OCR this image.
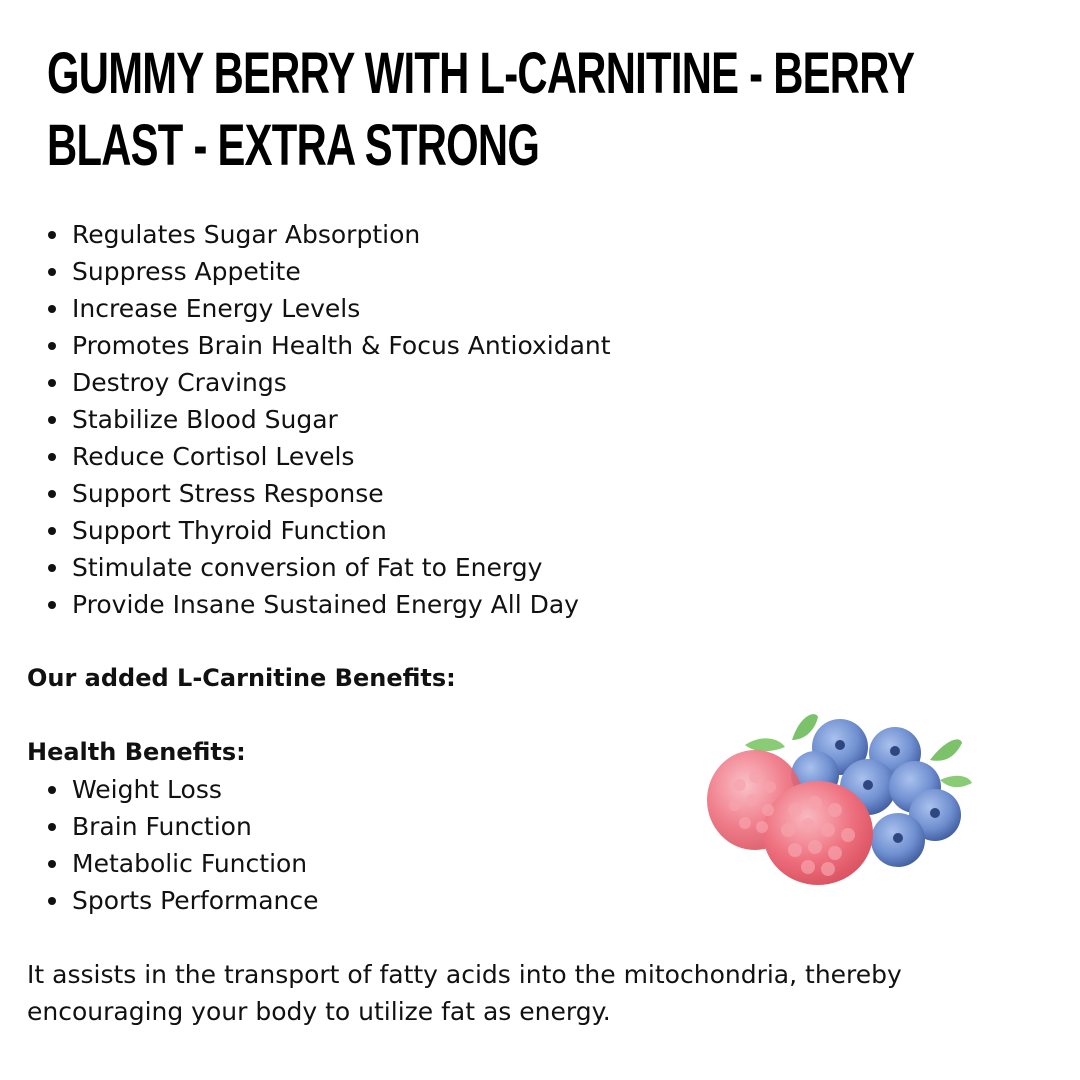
GUMMY BERRY WITH L-CARNITINE - BERRY BLAST - EXTRA STRONG
Regulates Sugar Absorption
Suppress Appetite
Increase Energy Levels
Promotes Brain Health & Focus Antioxidant
Destroy Cravings
Stabilize Blood Sugar
Reduce Cortisol Levels
Support Stress Response
Support Thyroid Function
Stimulate conversion of Fat to Energy
Provide Insane Sustained Energy All Day
Our added L-Carnitine Benefits:
Health Benefits:
Weight Loss
Brain Function
Metabolic Function
Sports Performance

It assists in the transport of fatty acids into the mitochondria, thereby encouraging your body to utilize fat as energy.
